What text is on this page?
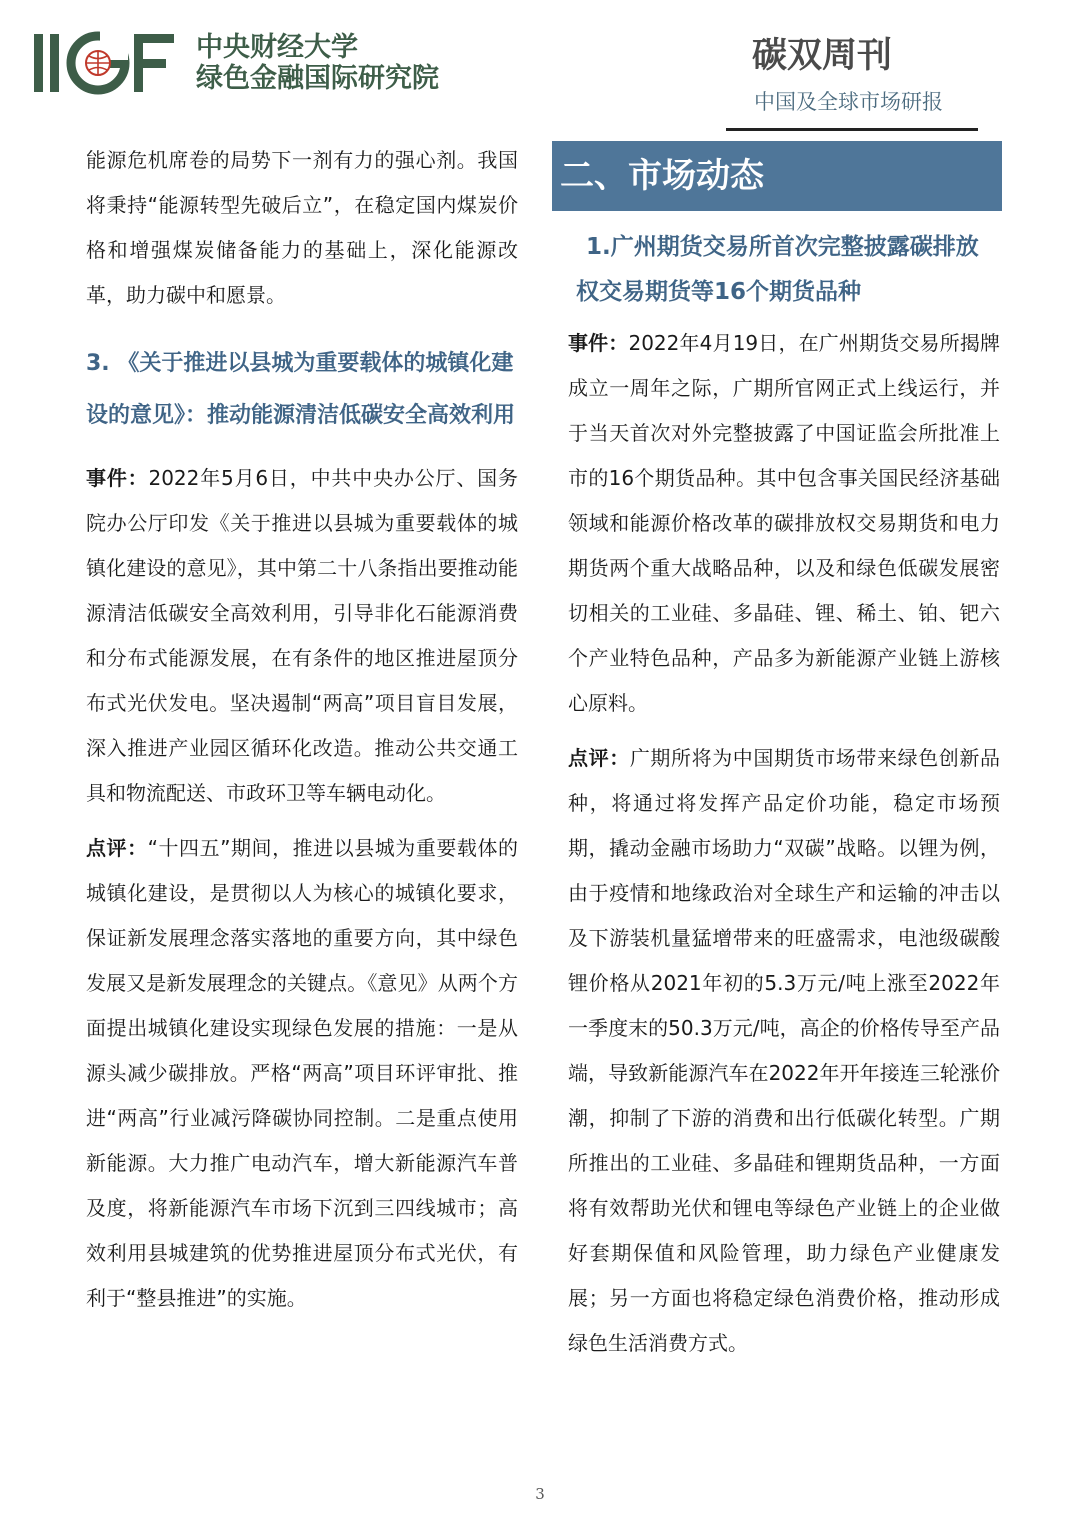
中央财经大学
绿色金融国际研究院
碳双周刊
中国及全球市场研报

能源危机席卷的局势下一剂有力的强心剂。我国将秉持“能源转型先破后立”，在稳定国内煤炭价格和增强煤炭储备能力的基础上，深化能源改革，助力碳中和愿景。

3. 《关于推进以县城为重要载体的城镇化建设的意见》：推动能源清洁低碳安全高效利用

事件：2022年5月6日，中共中央办公厅、国务院办公厅印发《关于推进以县城为重要载体的城镇化建设的意见》，其中第二十八条指出要推动能源清洁低碳安全高效利用，引导非化石能源消费和分布式能源发展，在有条件的地区推进屋顶分布式光伏发电。坚决遏制“两高”项目盲目发展，深入推进产业园区循环化改造。推动公共交通工具和物流配送、市政环卫等车辆电动化。

点评：“十四五”期间，推进以县城为重要载体的城镇化建设，是贯彻以人为核心的城镇化要求，保证新发展理念落实落地的重要方向，其中绿色发展又是新发展理念的关键点。《意见》从两个方面提出城镇化建设实现绿色发展的措施：一是从源头减少碳排放。严格“两高”项目环评审批、推进“两高”行业减污降碳协同控制。二是重点使用新能源。大力推广电动汽车，增大新能源汽车普及度，将新能源汽车市场下沉到三四线城市；高效利用县城建筑的优势推进屋顶分布式光伏，有利于“整县推进”的实施。

二、市场动态
1.广州期货交易所首次完整披露碳排放权交易期货等16个期货品种

事件：2022年4月19日，在广州期货交易所揭牌成立一周年之际，广期所官网正式上线运行，并于当天首次对外完整披露了中国证监会所批准上市的16个期货品种。其中包含事关国民经济基础领域和能源价格改革的碳排放权交易期货和电力期货两个重大战略品种，以及和绿色低碳发展密切相关的工业硅、多晶硅、锂、稀土、铂、钯六个产业特色品种，产品多为新能源产业链上游核心原料。

点评：广期所将为中国期货市场带来绿色创新品种，将通过将发挥产品定价功能，稳定市场预期，撬动金融市场助力“双碳”战略。以锂为例，由于疫情和地缘政治对全球生产和运输的冲击以及下游装机量猛增带来的旺盛需求，电池级碳酸锂价格从2021年初的5.3万元/吨上涨至2022年一季度末的50.3万元/吨，高企的价格传导至产品端，导致新能源汽车在2022年开年接连三轮涨价潮，抑制了下游的消费和出行低碳化转型。广期所推出的工业硅、多晶硅和锂期货品种，一方面将有效帮助光伏和锂电等绿色产业链上的企业做好套期保值和风险管理，助力绿色产业健康发展；另一方面也将稳定绿色消费价格，推动形成绿色生活消费方式。

3
